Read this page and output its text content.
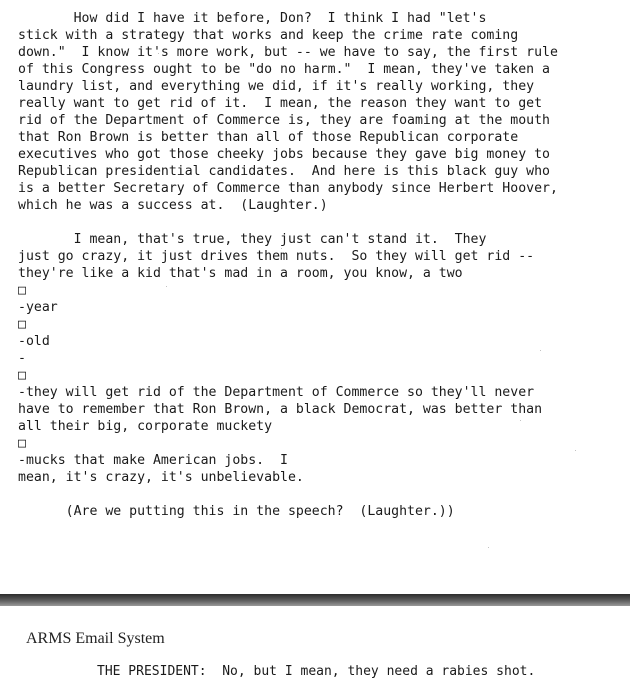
How did I have it before, Don?  I think I had "let's
stick with a strategy that works and keep the crime rate coming
down."  I know it's more work, but -- we have to say, the first rule
of this Congress ought to be "do no harm."  I mean, they've taken a
laundry list, and everything we did, if it's really working, they
really want to get rid of it.  I mean, the reason they want to get
rid of the Department of Commerce is, they are foaming at the mouth
that Ron Brown is better than all of those Republican corporate
executives who got those cheeky jobs because they gave big money to
Republican presidential candidates.  And here is this black guy who
is a better Secretary of Commerce than anybody since Herbert Hoover,
which he was a success at.  (Laughter.)
I mean, that's true, they just can't stand it.  They
just go crazy, it just drives them nuts.  So they will get rid --
they're like a kid that's mad in a room, you know, a two
□
-year
□
-old
-
□
-they will get rid of the Department of Commerce so they'll never
have to remember that Ron Brown, a black Democrat, was better than
all their big, corporate muckety
□
-mucks that make American jobs.  I
mean, it's crazy, it's unbelievable.
(Are we putting this in the speech?  (Laughter.))
ARMS Email System
THE PRESIDENT:  No, but I mean, they need a rabies shot.
